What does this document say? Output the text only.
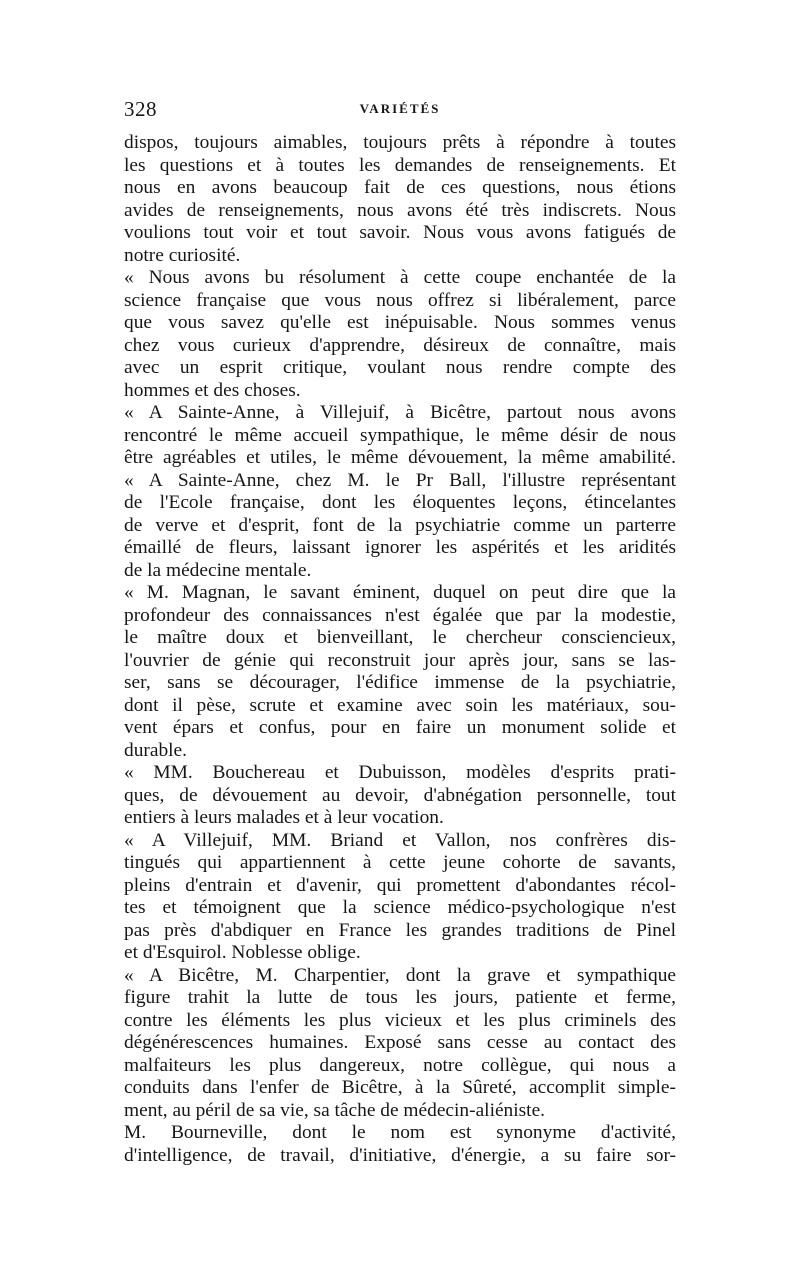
328	VARIÉTÉS
dispos, toujours aimables, toujours prêts à répondre à toutes
les questions et à toutes les demandes de renseignements. Et
nous en avons beaucoup fait de ces questions, nous étions
avides de renseignements, nous avons été très indiscrets. Nous
voulions tout voir et tout savoir. Nous vous avons fatigués de
notre curiosité.
« Nous avons bu résolument à cette coupe enchantée de la
science française que vous nous offrez si libéralement, parce
que vous savez qu'elle est inépuisable. Nous sommes venus
chez vous curieux d'apprendre, désireux de connaître, mais
avec un esprit critique, voulant nous rendre compte des
hommes et des choses.
« A Sainte-Anne, à Villejuif, à Bicêtre, partout nous avons
rencontré le même accueil sympathique, le même désir de nous
être agréables et utiles, le même dévouement, la même amabilité.
« A Sainte-Anne, chez M. le Pr Ball, l'illustre représentant
de l'Ecole française, dont les éloquentes leçons, étincelantes
de verve et d'esprit, font de la psychiatrie comme un parterre
émaillé de fleurs, laissant ignorer les aspérités et les aridités
de la médecine mentale.
« M. Magnan, le savant éminent, duquel on peut dire que la
profondeur des connaissances n'est égalée que par la modestie,
le maître doux et bienveillant, le chercheur consciencieux,
l'ouvrier de génie qui reconstruit jour après jour, sans se las-
ser, sans se décourager, l'édifice immense de la psychiatrie,
dont il pèse, scrute et examine avec soin les matériaux, sou-
vent épars et confus, pour en faire un monument solide et
durable.
« MM. Bouchereau et Dubuisson, modèles d'esprits prati-
ques, de dévouement au devoir, d'abnégation personnelle, tout
entiers à leurs malades et à leur vocation.
« A Villejuif, MM. Briand et Vallon, nos confrères dis-
tingués qui appartiennent à cette jeune cohorte de savants,
pleins d'entrain et d'avenir, qui promettent d'abondantes récol-
tes et témoignent que la science médico-psychologique n'est
pas près d'abdiquer en France les grandes traditions de Pinel
et d'Esquirol. Noblesse oblige.
« A Bicêtre, M. Charpentier, dont la grave et sympathique
figure trahit la lutte de tous les jours, patiente et ferme,
contre les éléments les plus vicieux et les plus criminels des
dégénérescences humaines. Exposé sans cesse au contact des
malfaiteurs les plus dangereux, notre collègue, qui nous a
conduits dans l'enfer de Bicêtre, à la Sûreté, accomplit simple-
ment, au péril de sa vie, sa tâche de médecin-aliéniste.
M. Bourneville, dont le nom est synonyme d'activité,
d'intelligence, de travail, d'initiative, d'énergie, a su faire sor-
